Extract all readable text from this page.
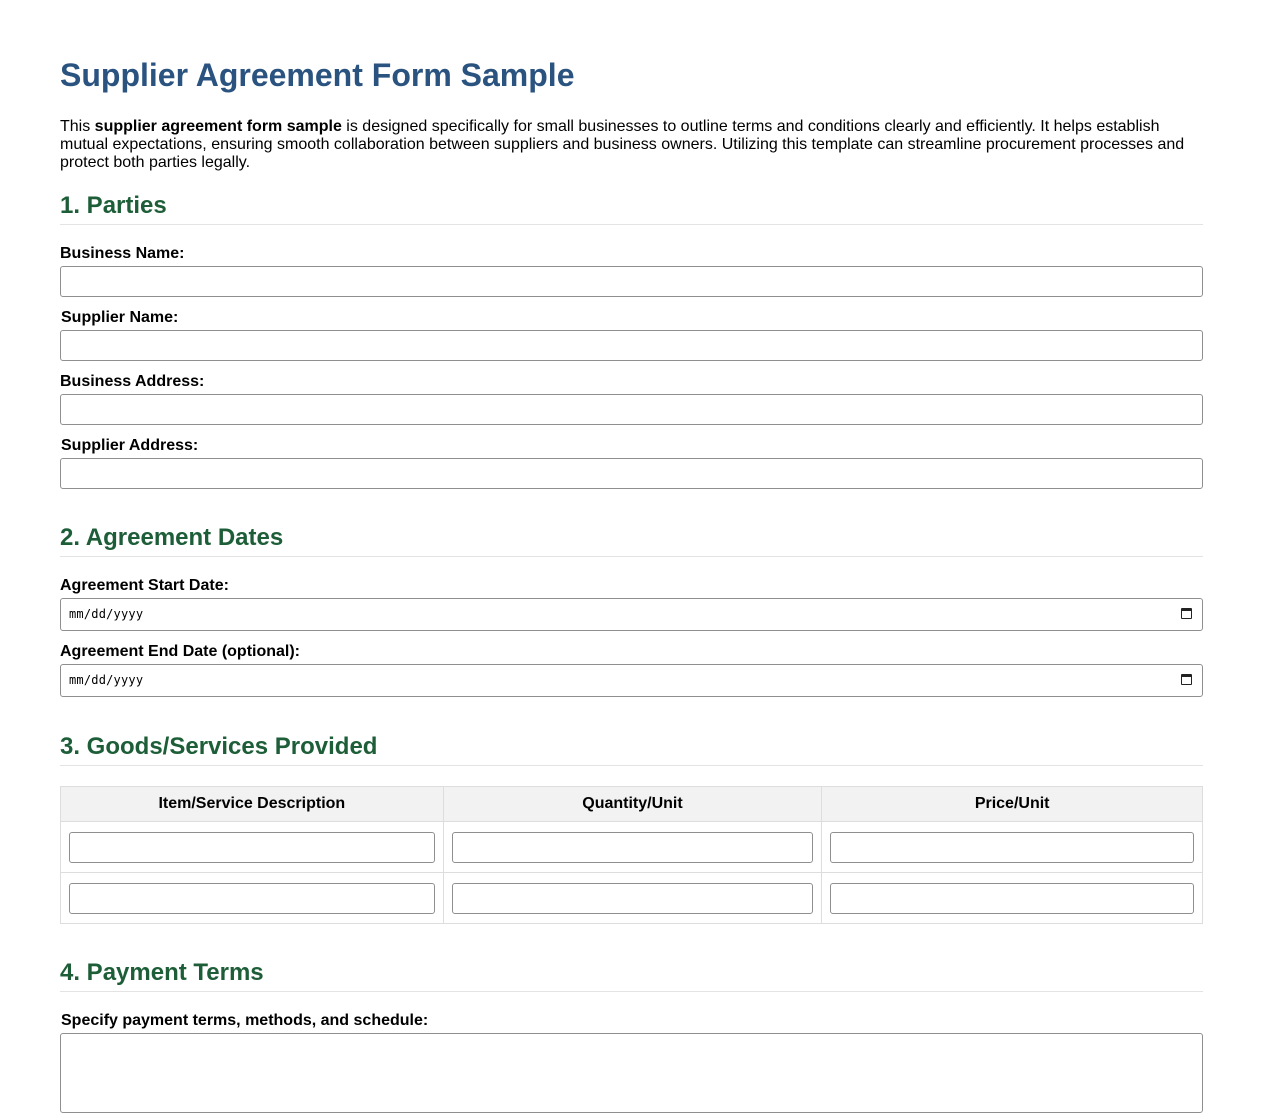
Supplier Agreement Form Sample

This supplier agreement form sample is designed specifically for small businesses to outline terms and conditions clearly and efficiently. It helps establish mutual expectations, ensuring smooth collaboration between suppliers and business owners. Utilizing this template can streamline procurement processes and protect both parties legally.

1. Parties
Business Name:
Supplier Name:
Business Address:
Supplier Address:
2. Agreement Dates
Agreement Start Date:
mm/dd/yyyy
Agreement End Date (optional):
mm/dd/yyyy
3. Goods/Services Provided
Item/Service Description	Quantity/Unit	Price/Unit

4. Payment Terms
Specify payment terms, methods, and schedule:
